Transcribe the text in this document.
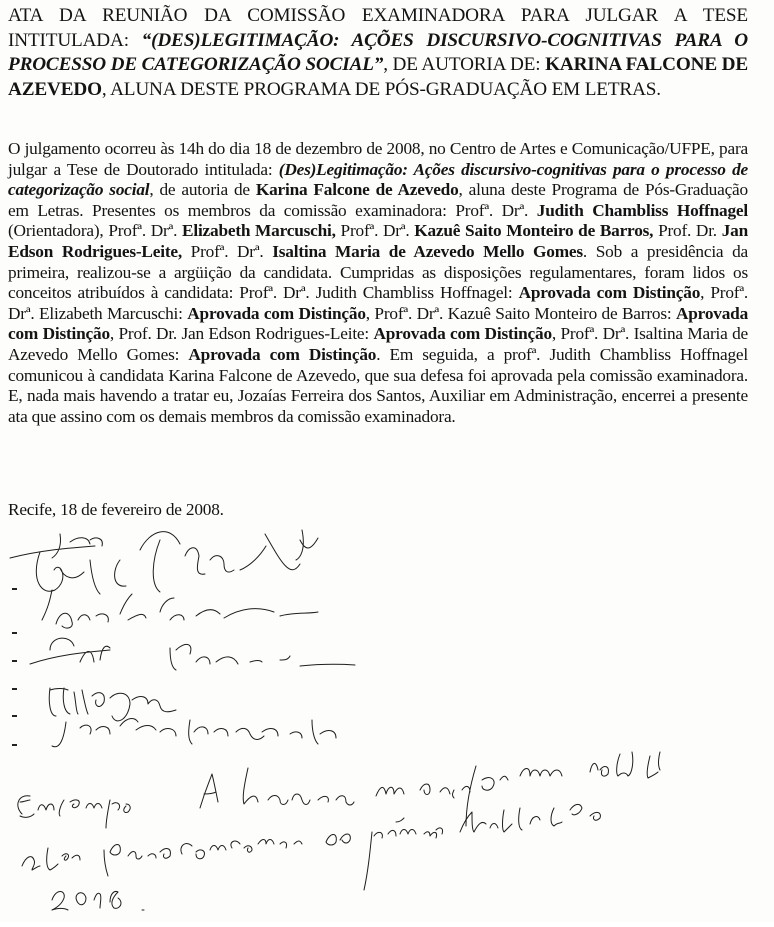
ATA DA REUNIÃO DA COMISSÃO EXAMINADORA PARA JULGAR A TESE INTITULADA: “(DES)LEGITIMAÇÃO: AÇÕES DISCURSIVO-COGNITIVAS PARA O PROCESSO DE CATEGORIZAÇÃO SOCIAL”, DE AUTORIA DE: KARINA FALCONE DE AZEVEDO, ALUNA DESTE PROGRAMA DE PÓS-GRADUAÇÃO EM LETRAS.
O julgamento ocorreu às 14h do dia 18 de dezembro de 2008, no Centro de Artes e Comunicação/UFPE, para julgar a Tese de Doutorado intitulada: (Des)Legitimação: Ações discursivo-cognitivas para o processo de categorização social, de autoria de Karina Falcone de Azevedo, aluna deste Programa de Pós-Graduação em Letras. Presentes os membros da comissão examinadora: Profª. Drª. Judith Chambliss Hoffnagel (Orientadora), Profª. Drª. Elizabeth Marcuschi, Profª. Drª. Kazuê Saito Monteiro de Barros, Prof. Dr. Jan Edson Rodrigues-Leite, Profª. Drª. Isaltina Maria de Azevedo Mello Gomes. Sob a presidência da primeira, realizou-se a argüição da candidata. Cumpridas as disposições regulamentares, foram lidos os conceitos atribuídos à candidata: Profª. Drª. Judith Chambliss Hoffnagel: Aprovada com Distinção, Profª. Drª. Elizabeth Marcuschi: Aprovada com Distinção, Profª. Drª. Kazuê Saito Monteiro de Barros: Aprovada com Distinção, Prof. Dr. Jan Edson Rodrigues-Leite: Aprovada com Distinção, Profª. Drª. Isaltina Maria de Azevedo Mello Gomes: Aprovada com Distinção. Em seguida, a profª. Judith Chambliss Hoffnagel comunicou à candidata Karina Falcone de Azevedo, que sua defesa foi aprovada pela comissão examinadora. E, nada mais havendo a tratar eu, Jozaías Ferreira dos Santos, Auxiliar em Administração, encerrei a presente ata que assino com os demais membros da comissão examinadora.
Recife, 18 de fevereiro de 2008.
